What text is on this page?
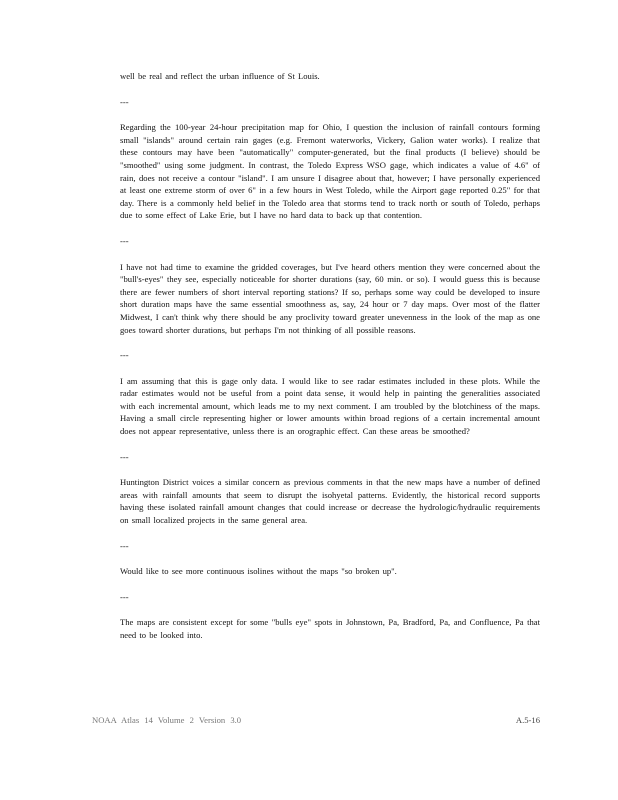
well be real and reflect the urban influence of St Louis.

---

Regarding the 100-year 24-hour precipitation map for Ohio, I question the inclusion of rainfall contours forming small "islands" around certain rain gages (e.g. Fremont waterworks, Vickery, Galion water works). I realize that these contours may have been "automatically" computer-generated, but the final products (I believe) should be "smoothed" using some judgment. In contrast, the Toledo Express WSO gage, which indicates a value of 4.6" of rain, does not receive a contour "island". I am unsure I disagree about that, however; I have personally experienced at least one extreme storm of over 6" in a few hours in West Toledo, while the Airport gage reported 0.25" for that day. There is a commonly held belief in the Toledo area that storms tend to track north or south of Toledo, perhaps due to some effect of Lake Erie, but I have no hard data to back up that contention.

---

I have not had time to examine the gridded coverages, but I've heard others mention they were concerned about the "bull's-eyes" they see, especially noticeable for shorter durations (say, 60 min. or so). I would guess this is because there are fewer numbers of short interval reporting stations? If so, perhaps some way could be developed to insure short duration maps have the same essential smoothness as, say, 24 hour or 7 day maps. Over most of the flatter Midwest, I can't think why there should be any proclivity toward greater unevenness in the look of the map as one goes toward shorter durations, but perhaps I'm not thinking of all possible reasons.

---

I am assuming that this is gage only data. I would like to see radar estimates included in these plots. While the radar estimates would not be useful from a point data sense, it would help in painting the generalities associated with each incremental amount, which leads me to my next comment. I am troubled by the blotchiness of the maps. Having a small circle representing higher or lower amounts within broad regions of a certain incremental amount does not appear representative, unless there is an orographic effect. Can these areas be smoothed?

---

Huntington District voices a similar concern as previous comments in that the new maps have a number of defined areas with rainfall amounts that seem to disrupt the isohyetal patterns. Evidently, the historical record supports having these isolated rainfall amount changes that could increase or decrease the hydrologic/hydraulic requirements on small localized projects in the same general area.

---

Would like to see more continuous isolines without the maps "so broken up".

---

The maps are consistent except for some "bulls eye" spots in Johnstown, Pa, Bradford, Pa, and Confluence, Pa that need to be looked into.

NOAA Atlas 14 Volume 2 Version 3.0	A.5-16
